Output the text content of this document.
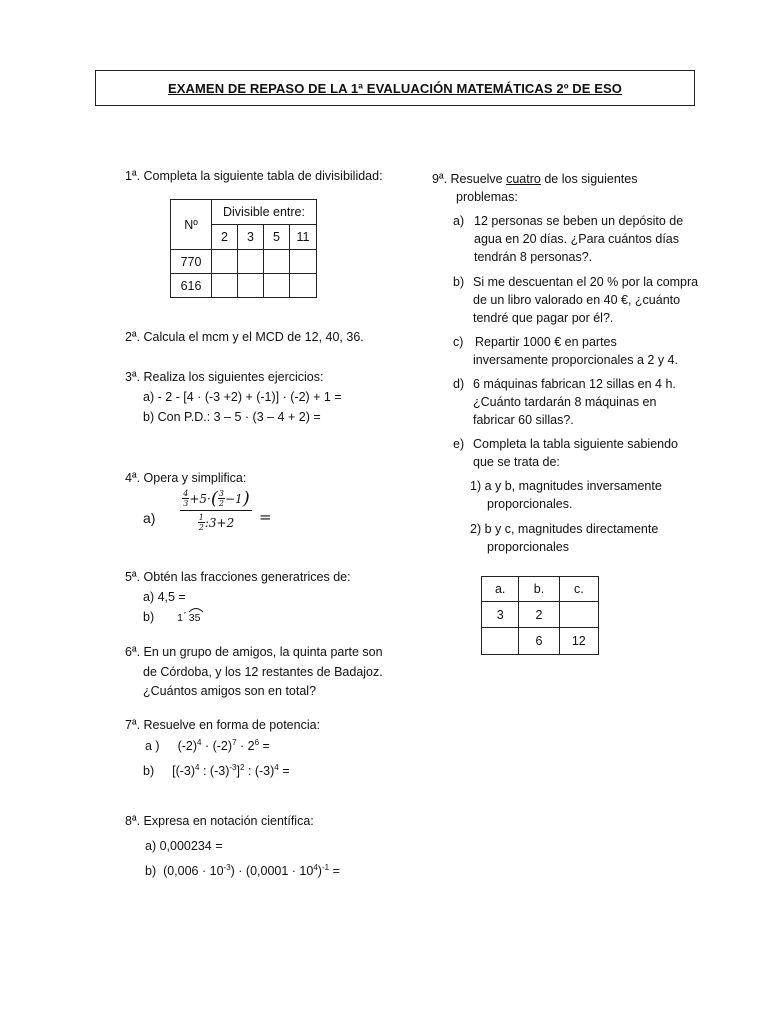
EXAMEN DE REPASO DE LA 1ª EVALUACIÓN MATEMÁTICAS 2º DE ESO
1ª. Completa la siguiente tabla de divisibilidad:
Nº	Divisible entre:			
	2	3	5	11
770				
616				
2ª. Calcula el mcm y el MCD de 12, 40, 36.
3ª. Realiza los siguientes ejercicios:
a) - 2 - [4 · (-3 +2) + (-1)] · (-2) + 1 =
b) Con P.D.: 3 – 5 · (3 – 4 + 2) =
4ª. Opera y simplifica:
a)
4
3 +5· ( 3
2 −1 )
1
2 :3+2 =
5ª. Obtén las fracciones generatrices de:
a) 4,5 =
b) 1 ́ 35
6ª. En un grupo de amigos, la quinta parte son
de Córdoba, y los 12 restantes de Badajoz.
¿Cuántos amigos son en total?
7ª. Resuelve en forma de potencia:
a ) $(-2)^4 \cdot (-2)^7 \cdot 2^6$ =
b) [$(-3)^4$ : $(-3)^{-3}]^2$ : $(-3)^4$ =
8ª. Expresa en notación científica:
a) 0,000234 =
b)  $(0,006 \cdot 10^{-3}) \cdot (0,0001 \cdot 10^4)^{-1}$ =
9ª. Resuelve cuatro de los siguientes
problemas:
a) 12 personas se beben un depósito de
agua en 20 días. ¿Para cuántos días
tendrán 8 personas?.
b) Si me descuentan el 20 % por la compra
de un libro valorado en 40 €, ¿cuánto
tendré que pagar por él?.
c) Repartir 1000 € en partes
inversamente proporcionales a 2 y 4.
d) 6 máquinas fabrican 12 sillas en 4 h.
¿Cuánto tardarán 8 máquinas en
fabricar 60 sillas?.
e) Completa la tabla siguiente sabiendo
que se trata de:
1) a y b, magnitudes inversamente
proporcionales.
2) b y c, magnitudes directamente
proporcionales
a.	b.	c.
3	2	
	6	12
